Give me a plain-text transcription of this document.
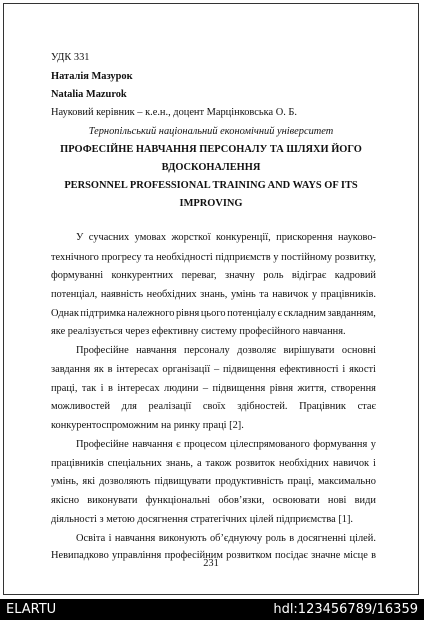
УДК 331
Наталія Мазурок
Natalia Mazurok
Науковий керівник – к.е.н., доцент Марцінковська О. Б.
Тернопільський національний економічний університет
ПРОФЕСІЙНЕ НАВЧАННЯ ПЕРСОНАЛУ ТА ШЛЯХИ ЙОГО
ВДОСКОНАЛЕННЯ
PERSONNEL PROFESSIONAL TRAINING AND WAYS OF ITS
IMPROVING
У сучасних умовах жорсткої конкуренції, прискорення науково-
технічного прогресу та необхідності підприємств у постійному розвитку,
формуванні конкурентних переваг, значну роль відіграє кадровий
потенціал, наявність необхідних знань, умінь та навичок у працівників.
Однак підтримка належного рівня цього потенціалу є складним завданням,
яке реалізується через ефективну систему професійного навчання.
Професійне навчання персоналу дозволяє вирішувати основні
завдання як в інтересах організації – підвищення ефективності і якості
праці, так і в інтересах людини – підвищення рівня життя, створення
можливостей для реалізації своїх здібностей. Працівник стає
конкурентоспроможним на ринку праці [2].
Професійне навчання є процесом цілеспрямованого формування у
працівників спеціальних знань, а також розвиток необхідних навичок і
умінь, які дозволяють підвищувати продуктивність праці, максимально
якісно виконувати функціональні обов’язки, освоювати нові види
діяльності з метою досягнення стратегічних цілей підприємства [1].
Освіта і навчання виконують об’єднуючу роль в досягненні цілей.
Невипадково управління професійним розвитком посідає значне місце в
231
ELARTU	hdl:123456789/16359
